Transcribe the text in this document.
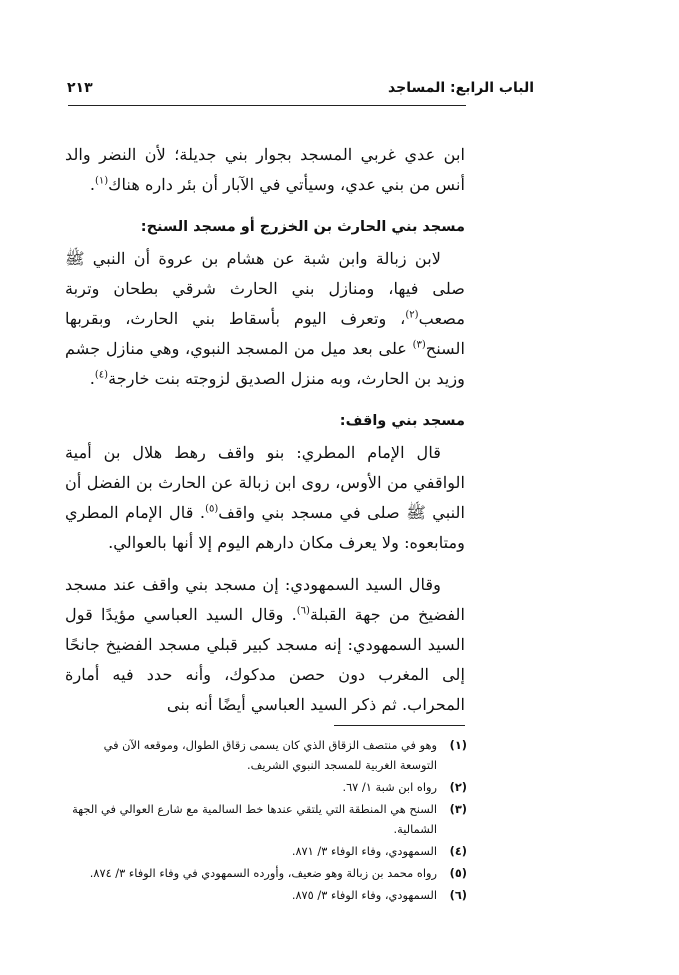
الباب الرابع: المساجد
٢١٣

ابن عدي غربي المسجد بجوار بني جديلة؛ لأن النضر والد أنس من بني عدي، وسيأتي في الآبار أن بئر داره هناك$^{(١)}$.

مسجد بني الحارث بن الخزرج أو مسجد السنح:

لابن زبالة وابن شبة عن هشام بن عروة أن النبي ﷺ صلى فيها، ومنازل بني الحارث شرقي بطحان وتربة مصعب$^{(٢)}$، وتعرف اليوم بأسقاط بني الحارث، وبقربها السنح$^{(٣)}$ على بعد ميل من المسجد النبوي، وهي منازل جشم وزيد بن الحارث، وبه منزل الصديق لزوجته بنت خارجة$^{(٤)}$.

مسجد بني واقف:

قال الإمام المطري: بنو واقف رهط هلال بن أمية الواقفي من الأوس، روى ابن زبالة عن الحارث بن الفضل أن النبي ﷺ صلى في مسجد بني واقف$^{(٥)}$. قال الإمام المطري ومتابعوه: ولا يعرف مكان دارهم اليوم إلا أنها بالعوالي.

وقال السيد السمهودي: إن مسجد بني واقف عند مسجد الفضيخ من جهة القبلة$^{(٦)}$. وقال السيد العباسي مؤيدًا قول السيد السمهودي: إنه مسجد كبير قبلي مسجد الفضيخ جانحًا إلى المغرب دون حصن مدكوك، وأنه حدد فيه أمارة المحراب. ثم ذكر السيد العباسي أيضًا أنه بنى

(١)
وهو في منتصف الزقاق الذي كان يسمى زقاق الطوال، وموقعه الآن في التوسعة الغربية للمسجد النبوي الشريف.
(٢)
رواه ابن شبة ١/ ٦٧.
(٣)
السنح هي المنطقة التي يلتقي عندها خط السالمية مع شارع العوالي في الجهة الشمالية.
(٤)
السمهودي، وفاء الوفاء ٣/ ٨٧١.
(٥)
رواه محمد بن زبالة وهو ضعيف، وأورده السمهودي في وفاء الوفاء ٣/ ٨٧٤.
(٦)
السمهودي، وفاء الوفاء ٣/ ٨٧٥.
